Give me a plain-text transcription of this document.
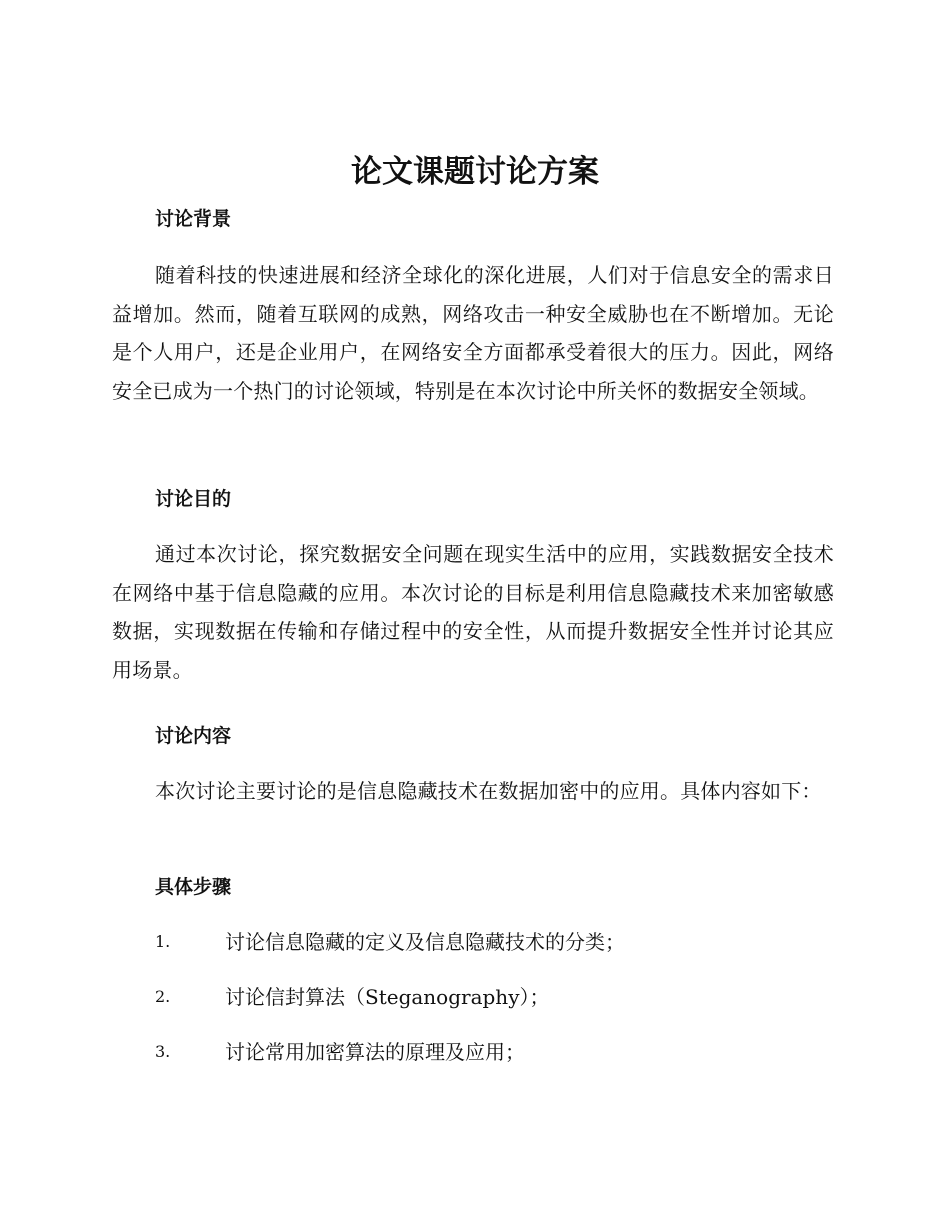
论文课题讨论方案
讨论背景

随着科技的快速进展和经济全球化的深化进展，人们对于信息安全的需求日益增加。然而，随着互联网的成熟，网络攻击一种安全威胁也在不断增加。无论是个人用户，还是企业用户，在网络安全方面都承受着很大的压力。因此，网络安全已成为一个热门的讨论领域，特别是在本次讨论中所关怀的数据安全领域。

讨论目的

通过本次讨论，探究数据安全问题在现实生活中的应用，实践数据安全技术在网络中基于信息隐藏的应用。本次讨论的目标是利用信息隐藏技术来加密敏感数据，实现数据在传输和存储过程中的安全性，从而提升数据安全性并讨论其应用场景。

讨论内容

本次讨论主要讨论的是信息隐藏技术在数据加密中的应用。具体内容如下：

具体步骤
1.	讨论信息隐藏的定义及信息隐藏技术的分类；
2.	讨论信封算法（Steganography）；
3.	讨论常用加密算法的原理及应用；
